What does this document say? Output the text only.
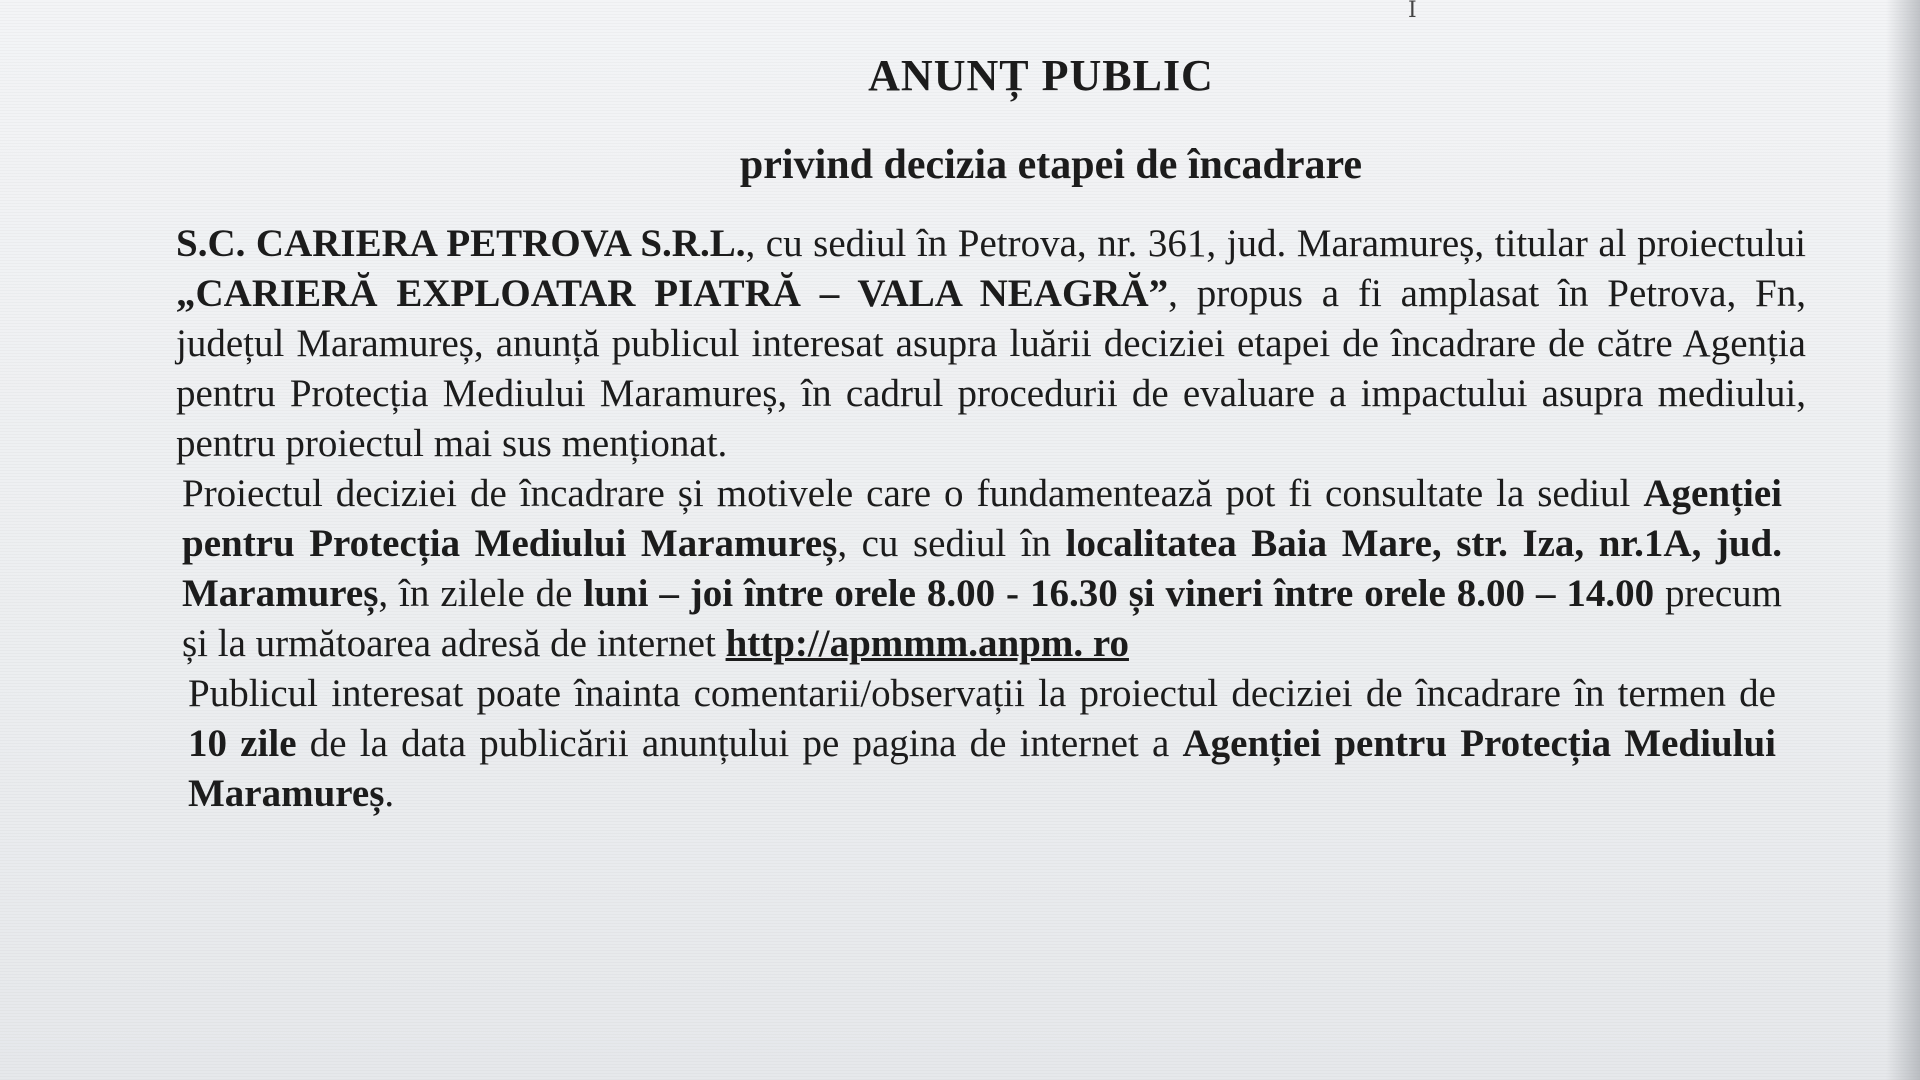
I
ANUNȚ PUBLIC
privind decizia etapei de încadrare

S.C. CARIERA PETROVA S.R.L., cu sediul în Petrova, nr. 361, jud. Maramureș, titular al proiectului „CARIERĂ EXPLOATAR PIATRĂ – VALA NEAGRĂ”, propus a fi amplasat în Petrova, Fn, județul Maramureș, anunță publicul interesat asupra luării deciziei etapei de încadrare de către Agenția pentru Protecția Mediului Maramureș, în cadrul procedurii de evaluare a impactului asupra mediului, pentru proiectul mai sus menționat.

Proiectul deciziei de încadrare și motivele care o fundamentează pot fi consultate la sediul Agenției pentru Protecția Mediului Maramureș, cu sediul în localitatea Baia Mare, str. Iza, nr.1A, jud. Maramureș, în zilele de luni – joi între orele 8.00 - 16.30 și vineri între orele 8.00 – 14.00 precum și la următoarea adresă de internet http://apmmm.anpm. ro

Publicul interesat poate înainta comentarii/observații la proiectul deciziei de încadrare în termen de 10 zile de la data publicării anunțului pe pagina de internet a Agenției pentru Protecția Mediului Maramureș.
